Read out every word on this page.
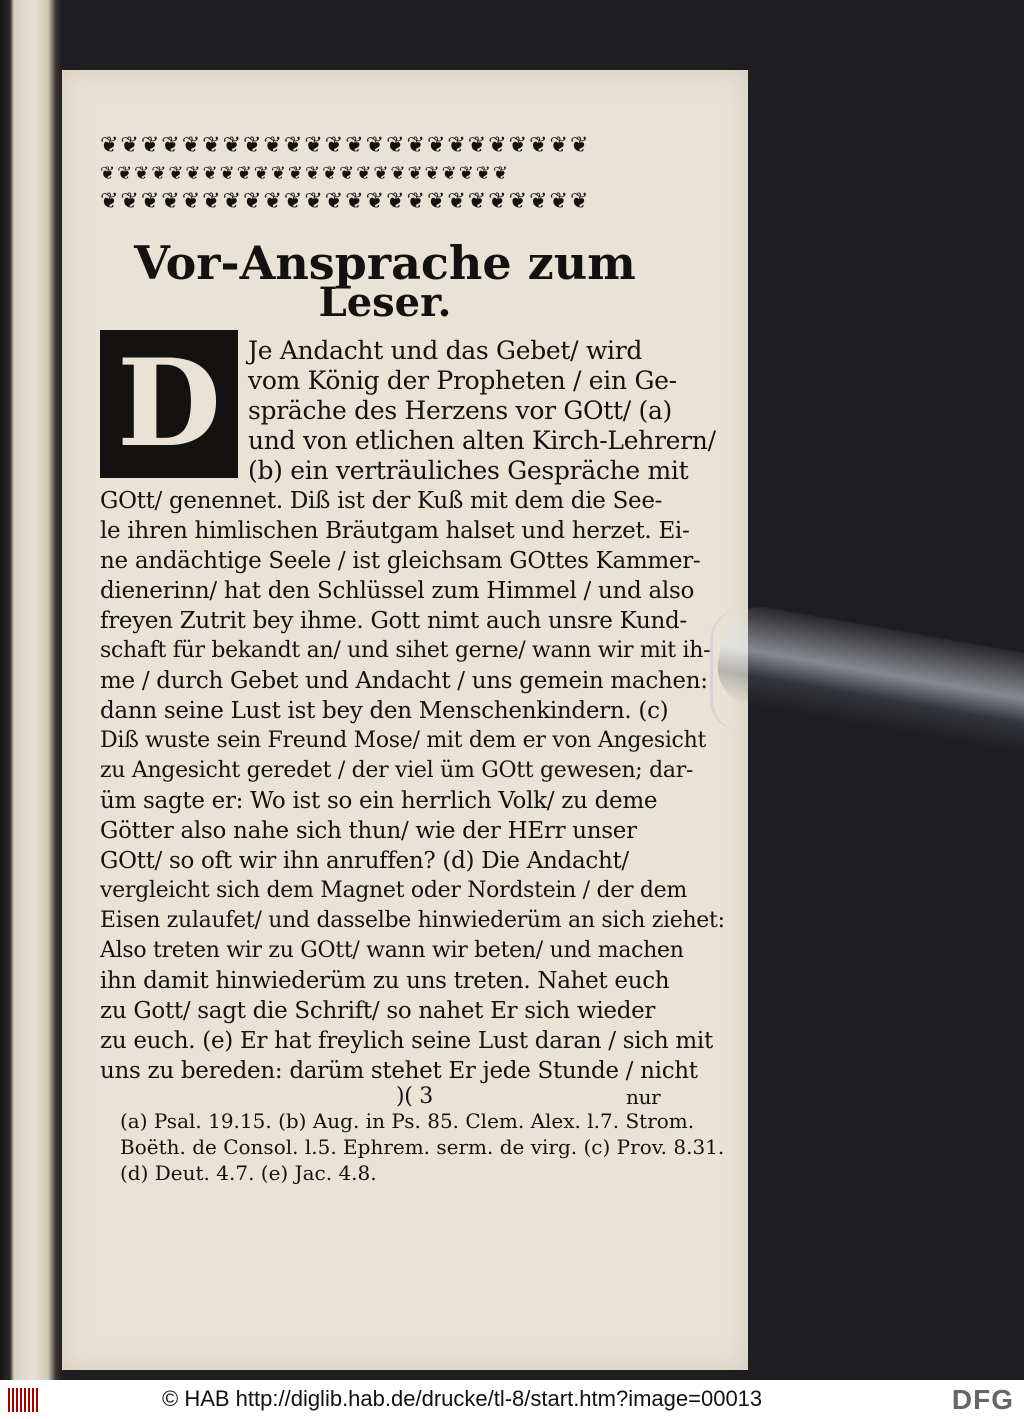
❦❦❦❦❦❦❦❦❦❦❦❦❦❦❦❦❦❦❦❦❦❦❦❦
❦❦❦❦❦❦❦❦❦❦❦❦❦❦❦❦❦❦❦❦❦❦❦❦
❦❦❦❦❦❦❦❦❦❦❦❦❦❦❦❦❦❦❦❦❦❦❦❦
Vor-Ansprache zum
Leser.
D	Je Andacht und das Gebet/ wird
vom König der Propheten / ein Ge-
spräche des Herzens vor GOtt/ (a)
und von etlichen alten Kirch-Lehrern/
(b) ein verträuliches Gespräche mit
GOtt/ genennet. Diß ist der Kuß mit dem die See-
le ihren himlischen Bräutgam halset und herzet. Ei-
ne andächtige Seele / ist gleichsam GOttes Kammer-
dienerinn/ hat den Schlüssel zum Himmel / und also
freyen Zutrit bey ihme. Gott nimt auch unsre Kund-
schaft für bekandt an/ und sihet gerne/ wann wir mit ih-
me / durch Gebet und Andacht / uns gemein machen:
dann seine Lust ist bey den Menschenkindern. (c)
Diß wuste sein Freund Mose/ mit dem er von Angesicht
zu Angesicht geredet / der viel üm GOtt gewesen; dar-
üm sagte er: Wo ist so ein herrlich Volk/ zu deme
Götter also nahe sich thun/ wie der HErr unser
GOtt/ so oft wir ihn anruffen? (d) Die Andacht/
vergleicht sich dem Magnet oder Nordstein / der dem
Eisen zulaufet/ und dasselbe hinwiederüm an sich ziehet:
Also treten wir zu GOtt/ wann wir beten/ und machen
ihn damit hinwiederüm zu uns treten. Nahet euch
zu Gott/ sagt die Schrift/ so nahet Er sich wieder
zu euch. (e) Er hat freylich seine Lust daran / sich mit
uns zu bereden: darüm stehet Er jede Stunde / nicht
)( 3	nur
(a) Psal. 19.15. (b) Aug. in Ps. 85. Clem. Alex. l.7. Strom.
Boëth. de Consol. l.5. Ephrem. serm. de virg. (c) Prov. 8.31.
(d) Deut. 4.7. (e) Jac. 4.8.
© HAB http://diglib.hab.de/drucke/tl-8/start.htm?image=00013	DFG
